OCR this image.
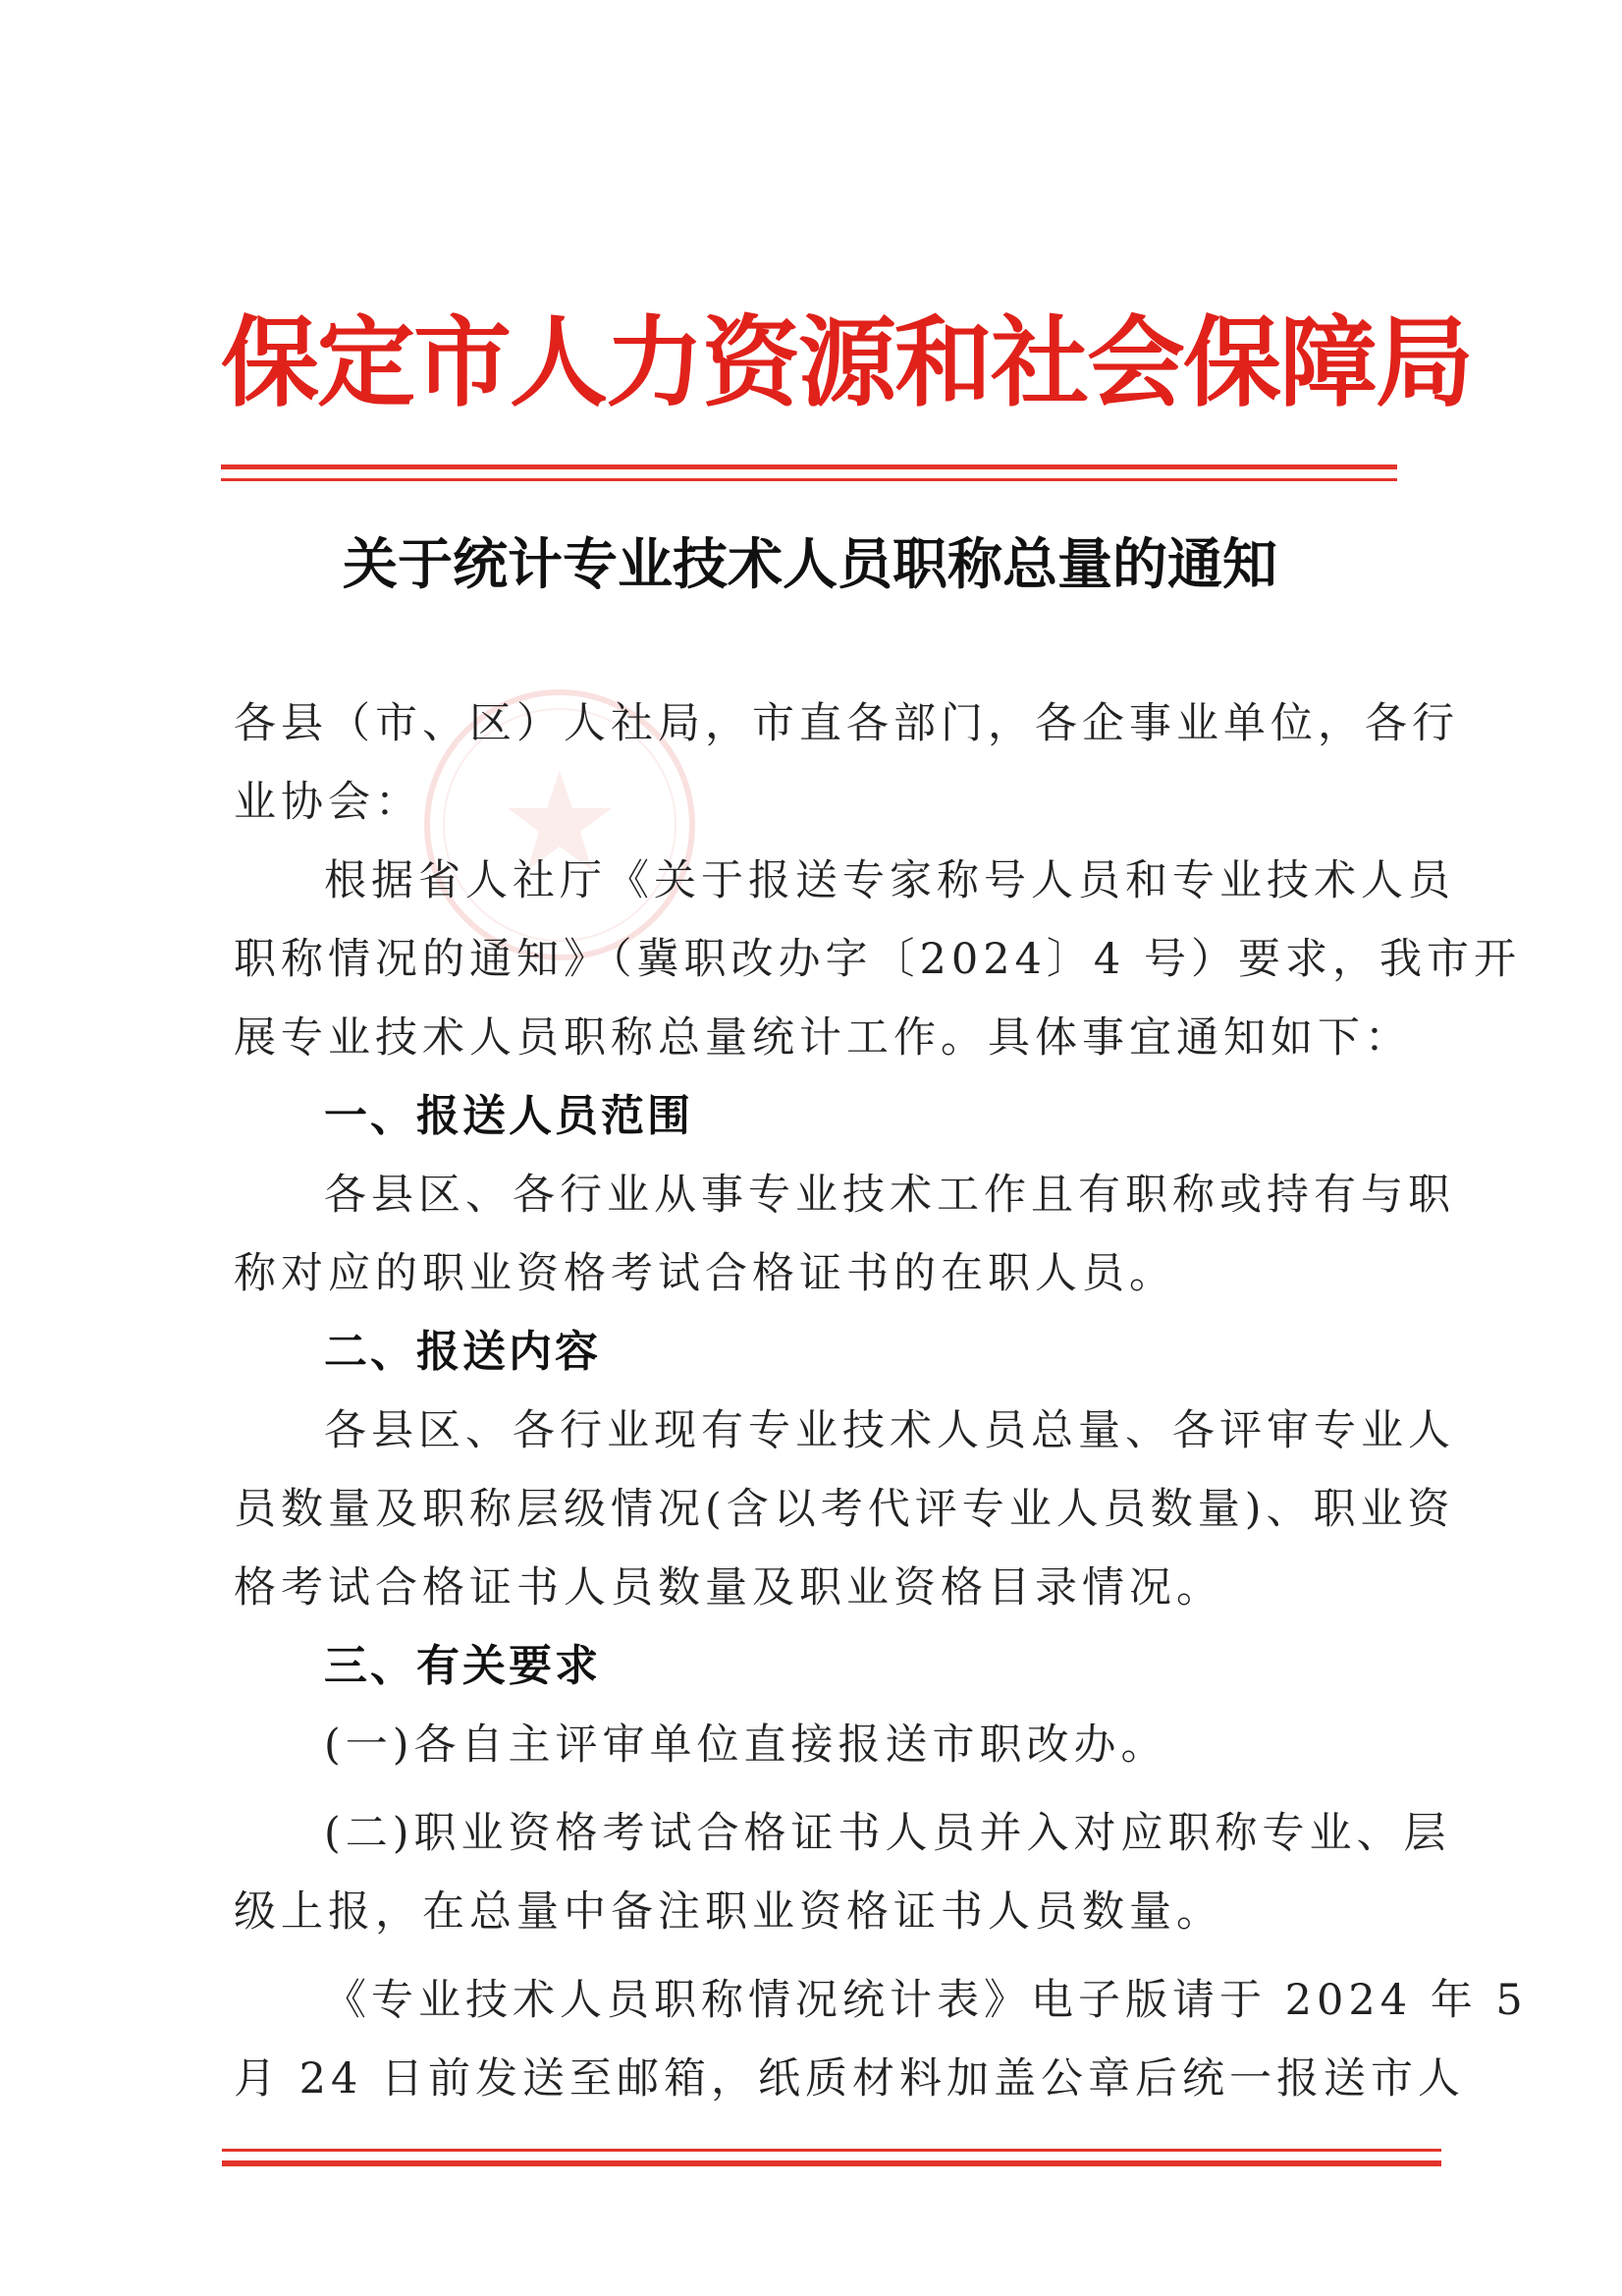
保定市人力资源和社会保障局
关于统计专业技术人员职称总量的通知
各县（市、区）人社局，市直各部门，各企事业单位，各行
业协会：
根据省人社厅《关于报送专家称号人员和专业技术人员
职称情况的通知》（冀职改办字〔2024〕4 号）要求，我市开
展专业技术人员职称总量统计工作。具体事宜通知如下：
一、报送人员范围
各县区、各行业从事专业技术工作且有职称或持有与职
称对应的职业资格考试合格证书的在职人员。
二、报送内容
各县区、各行业现有专业技术人员总量、各评审专业人
员数量及职称层级情况(含以考代评专业人员数量)、职业资
格考试合格证书人员数量及职业资格目录情况。
三、有关要求
(一)各自主评审单位直接报送市职改办。
(二)职业资格考试合格证书人员并入对应职称专业、层
级上报，在总量中备注职业资格证书人员数量。
《专业技术人员职称情况统计表》电子版请于 2024 年 5
月 24 日前发送至邮箱，纸质材料加盖公章后统一报送市人
